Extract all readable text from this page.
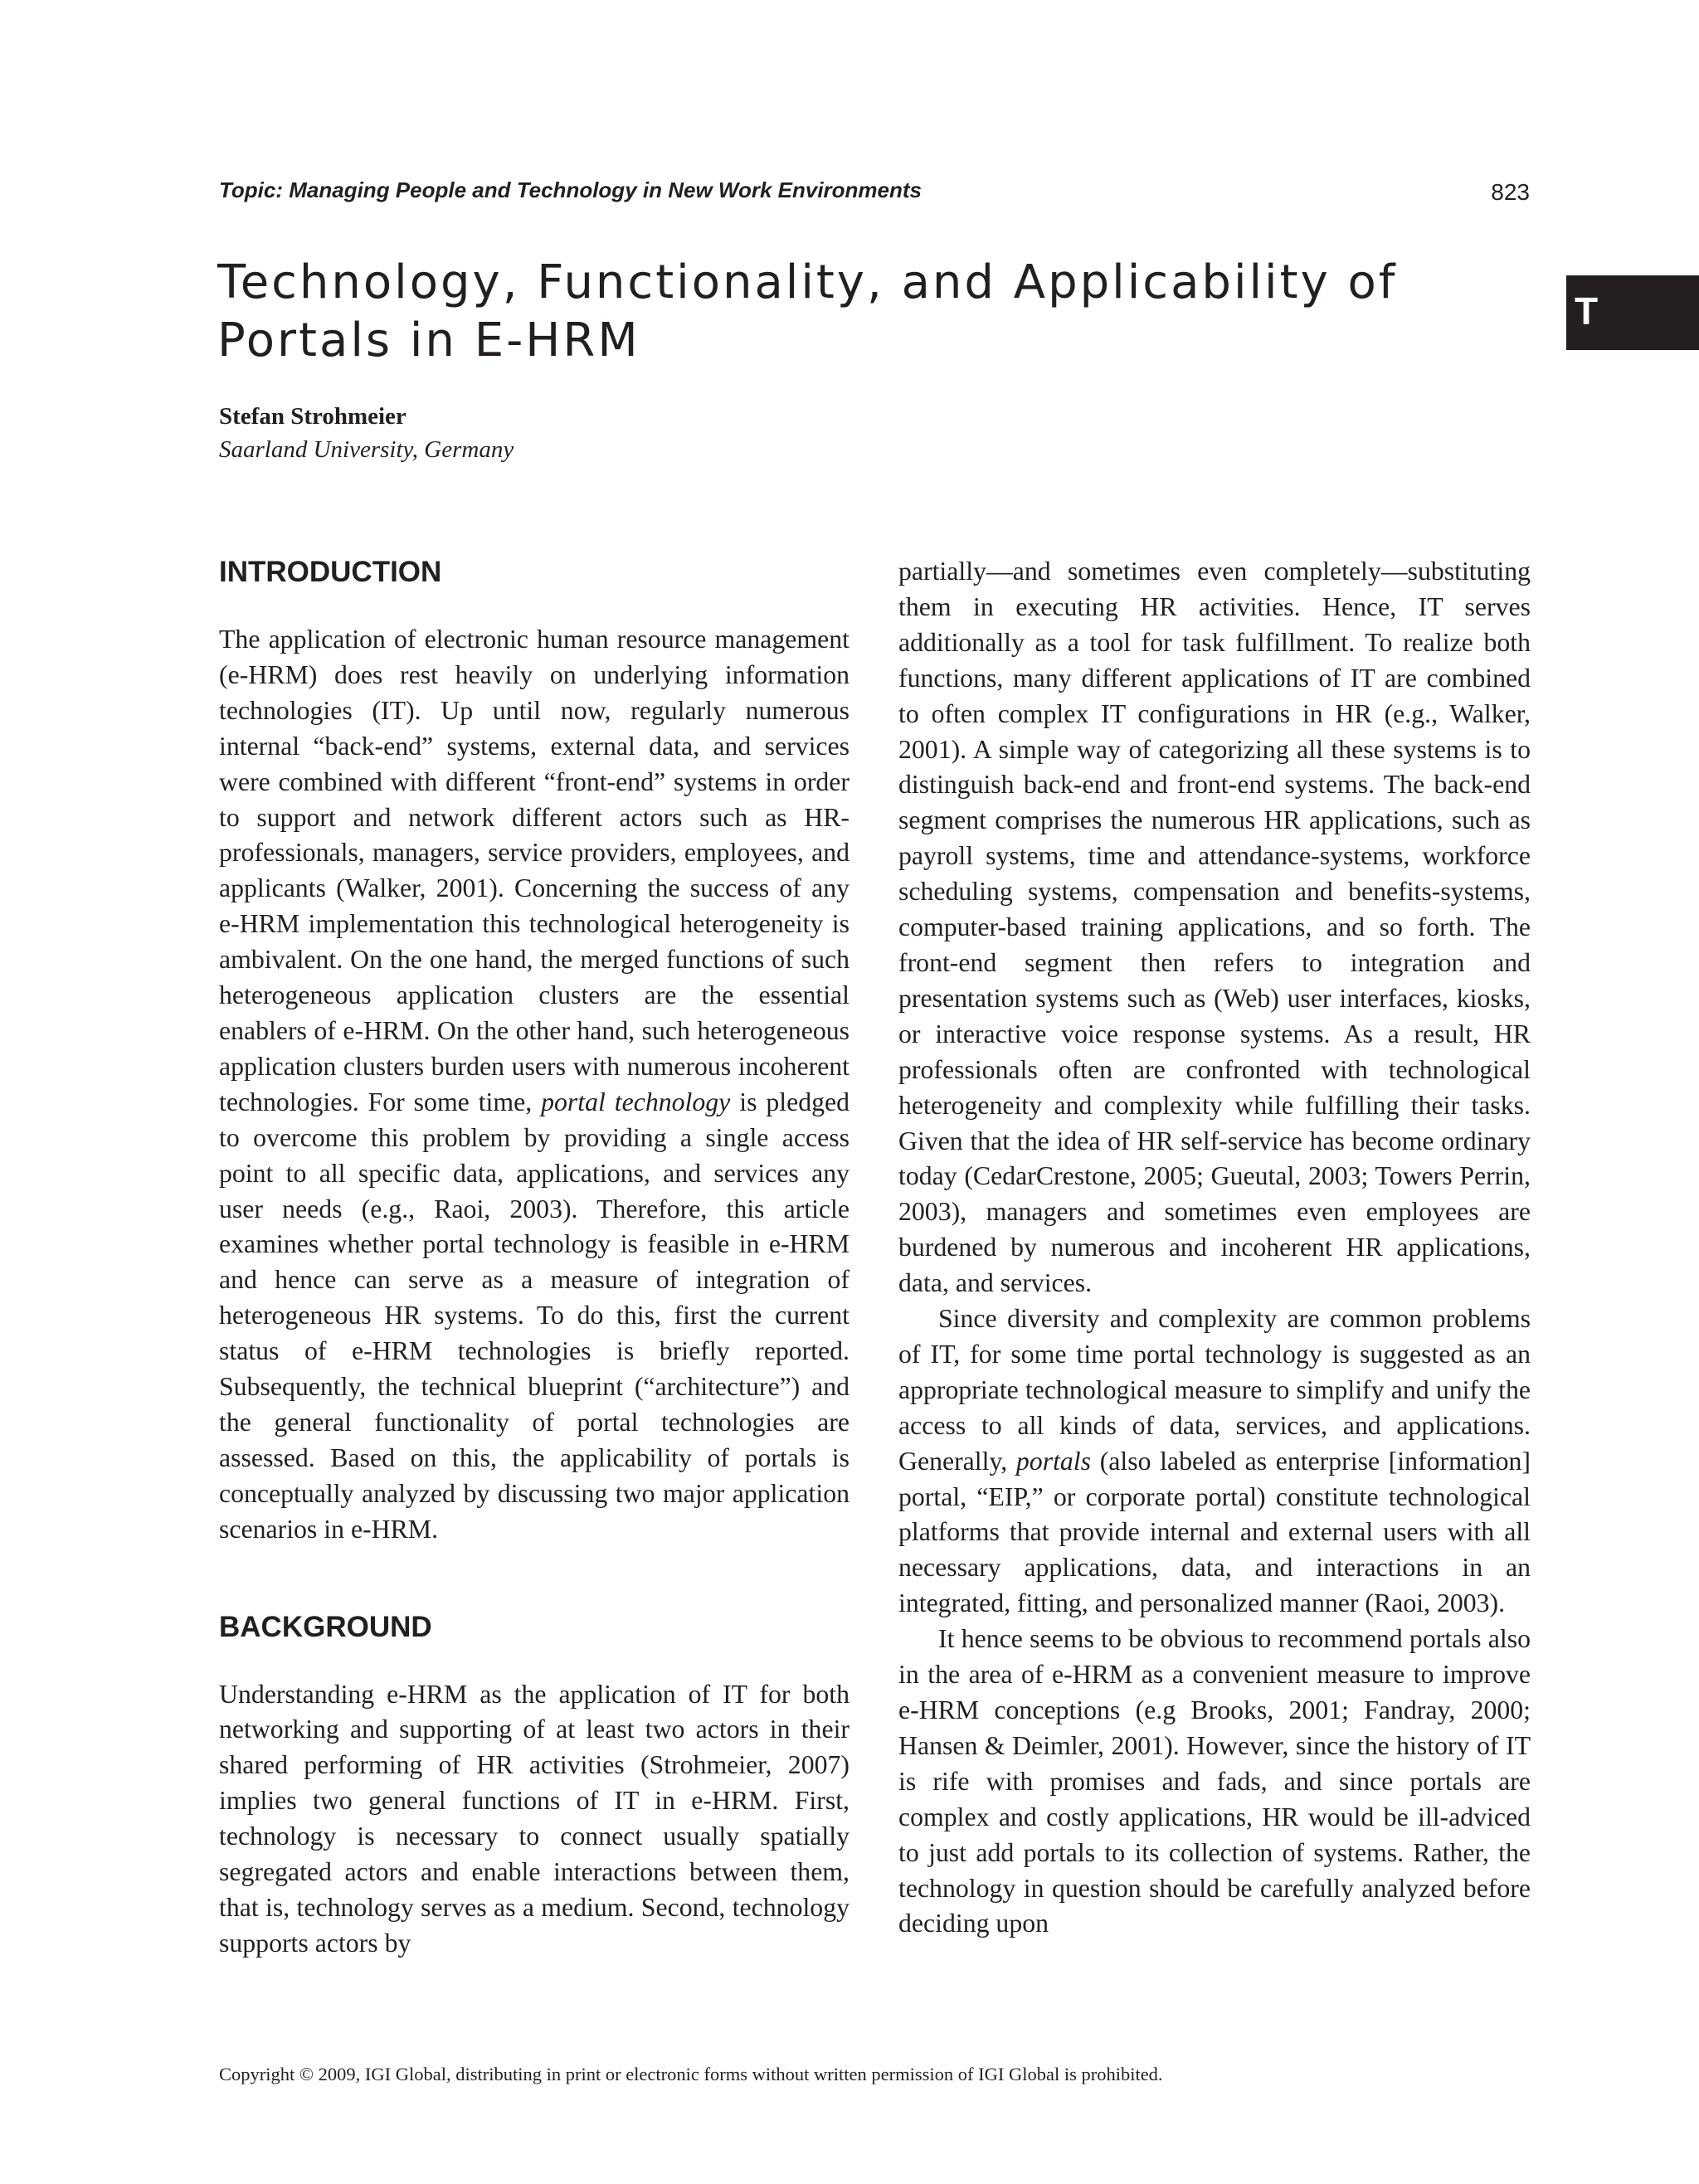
Topic: Managing People and Technology in New Work Environments	823
Technology, Functionality, and Applicability of
Portals in E-HRM
T
Stefan Strohmeier
Saarland University, Germany
INTRODUCTION

The application of electronic human resource management (e-HRM) does rest heavily on underlying information technologies (IT). Up until now, regularly numerous internal “back-end” systems, external data, and services were combined with different “front-end” systems in order to support and network different actors such as HR-professionals, managers, service providers, employees, and applicants (Walker, 2001). Concerning the success of any e-HRM implementation this technological heterogeneity is ambivalent. On the one hand, the merged functions of such heterogeneous application clusters are the essential enablers of e-HRM. On the other hand, such heterogeneous application clusters burden users with numerous incoherent technologies. For some time, portal technology is pledged to overcome this problem by providing a single access point to all specific data, applications, and services any user needs (e.g., Raoi, 2003). Therefore, this article examines whether portal technology is feasible in e-HRM and hence can serve as a measure of integration of heterogeneous HR systems. To do this, first the current status of e-HRM technologies is briefly reported. Subsequently, the technical blueprint (“architecture”) and the general functionality of portal technologies are assessed. Based on this, the applicability of portals is conceptually analyzed by discussing two major application scenarios in e-HRM.

BACKGROUND

Understanding e-HRM as the application of IT for both networking and supporting of at least two actors in their shared performing of HR activities (Strohmeier, 2007) implies two general functions of IT in e-HRM. First, technology is necessary to connect usually spatially segregated actors and enable interactions between them, that is, technology serves as a medium. Second, technology supports actors by

partially—and sometimes even completely—substituting them in executing HR activities. Hence, IT serves additionally as a tool for task fulfillment. To realize both functions, many different applications of IT are combined to often complex IT configurations in HR (e.g., Walker, 2001). A simple way of categorizing all these systems is to distinguish back-end and front-end systems. The back-end segment comprises the numerous HR applications, such as payroll systems, time and attendance-systems, workforce scheduling systems, compensation and benefits-systems, computer-based training applications, and so forth. The front-end segment then refers to integration and presentation systems such as (Web) user interfaces, kiosks, or interactive voice response systems. As a result, HR professionals often are confronted with technological heterogeneity and complexity while fulfilling their tasks. Given that the idea of HR self-service has become ordinary today (CedarCrestone, 2005; Gueutal, 2003; Towers Perrin, 2003), managers and sometimes even employees are burdened by numerous and incoherent HR applications, data, and services.

Since diversity and complexity are common problems of IT, for some time portal technology is suggested as an appropriate technological measure to simplify and unify the access to all kinds of data, services, and applications. Generally, portals (also labeled as enterprise [information] portal, “EIP,” or corporate portal) constitute technological platforms that provide internal and external users with all necessary applications, data, and interactions in an integrated, fitting, and personalized manner (Raoi, 2003).

It hence seems to be obvious to recommend portals also in the area of e-HRM as a convenient measure to improve e-HRM conceptions (e.g Brooks, 2001; Fandray, 2000; Hansen & Deimler, 2001). However, since the history of IT is rife with promises and fads, and since portals are complex and costly applications, HR would be ill-adviced to just add portals to its collection of systems. Rather, the technology in question should be carefully analyzed before deciding upon

Copyright © 2009, IGI Global, distributing in print or electronic forms without written permission of IGI Global is prohibited.
